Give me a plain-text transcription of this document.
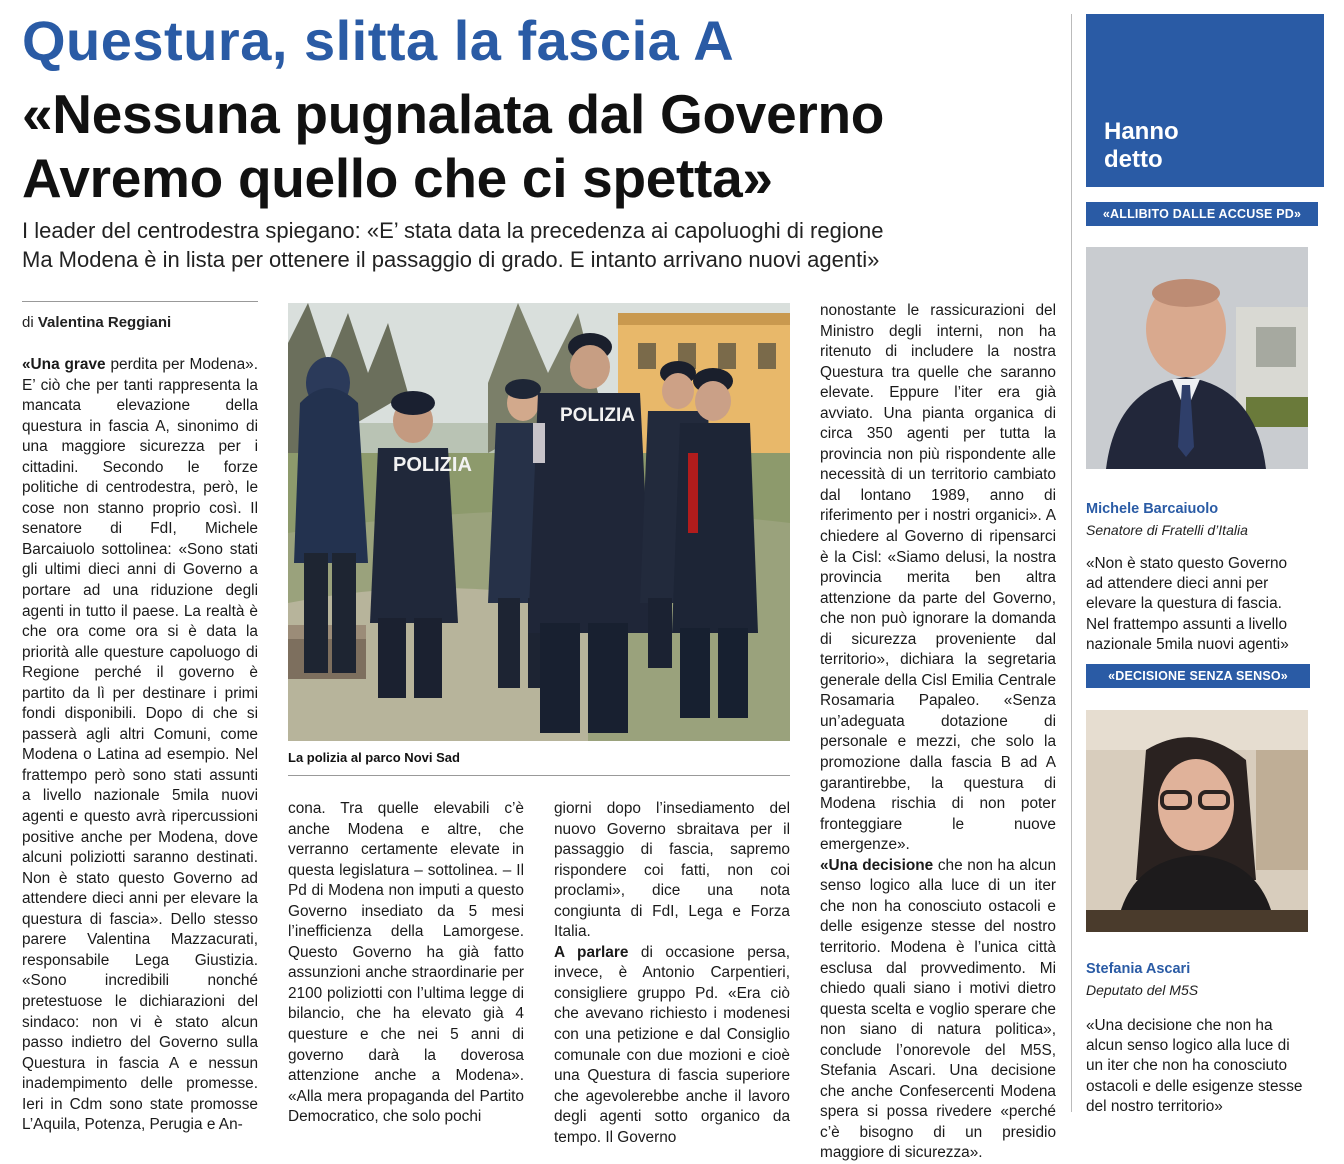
Questura, slitta la fascia A
«Nessuna pugnalata dal Governo
Avremo quello che ci spetta»
I leader del centrodestra spiegano: «E’ stata data la precedenza ai capoluoghi di regione
Ma Modena è in lista per ottenere il passaggio di grado. E intanto arrivano nuovi agenti»
di Valentina Reggiani

«Una grave perdita per Modena». E’ ciò che per tanti rappresenta la mancata elevazione della questura in fascia A, sinonimo di una maggiore sicurezza per i cittadini. Secondo le forze politiche di centrodestra, però, le cose non stanno proprio così. Il senatore di FdI, Michele Barcaiuolo sottolinea: «Sono stati gli ultimi dieci anni di Governo a portare ad una riduzione degli agenti in tutto il paese. La realtà è che ora come ora si è data la priorità alle questure capoluogo di Regione perché il governo è partito da lì per destinare i primi fondi disponibili. Dopo di che si passerà agli altri Comuni, come Modena o Latina ad esempio. Nel frattempo però sono stati assunti a livello nazionale 5mila nuovi agenti e questo avrà ripercussioni positive anche per Modena, dove alcuni poliziotti saranno destinati. Non è stato questo Governo ad attendere dieci anni per elevare la questura di fascia». Dello stesso parere Valentina Mazzacurati, responsabile Lega Giustizia. «Sono incredibili nonché pretestuose le dichiarazioni del sindaco: non vi è stato alcun passo indietro del Governo sulla Questura in fascia A e nessun inadempimento delle promesse. Ieri in Cdm sono state promosse L’Aquila, Potenza, Perugia e An-

POLIZIA
POLIZIA
La polizia al parco Novi Sad

cona. Tra quelle elevabili c’è anche Modena e altre, che verranno certamente elevate in questa legislatura – sottolinea. – Il Pd di Modena non imputi a questo Governo insediato da 5 mesi l’inefficienza della Lamorgese. Questo Governo ha già fatto assunzioni anche straordinarie per 2100 poliziotti con l’ultima legge di bilancio, che ha elevato già 4 questure e che nei 5 anni di governo darà la doverosa attenzione anche a Modena». «Alla mera propaganda del Partito Democratico, che solo pochi

giorni dopo l’insediamento del nuovo Governo sbraitava per il passaggio di fascia, sapremo rispondere coi fatti, non coi proclami», dice una nota congiunta di FdI, Lega e Forza Italia.

A parlare di occasione persa, invece, è Antonio Carpentieri, consigliere gruppo Pd. «Era ciò che avevano richiesto i modenesi con una petizione e dal Consiglio comunale con due mozioni e cioè una Questura di fascia superiore che agevolerebbe anche il lavoro degli agenti sotto organico da tempo. Il Governo

nonostante le rassicurazioni del Ministro degli interni, non ha ritenuto di includere la nostra Questura tra quelle che saranno elevate. Eppure l’iter era già avviato. Una pianta organica di circa 350 agenti per tutta la provincia non più rispondente alle necessità di un territorio cambiato dal lontano 1989, anno di riferimento per i nostri organici». A chiedere al Governo di ripensarci è la Cisl: «Siamo delusi, la nostra provincia merita ben altra attenzione da parte del Governo, che non può ignorare la domanda di sicurezza proveniente dal territorio», dichiara la segretaria generale della Cisl Emilia Centrale Rosamaria Papaleo. «Senza un’adeguata dotazione di personale e mezzi, che solo la promozione dalla fascia B ad A garantirebbe, la questura di Modena rischia di non poter fronteggiare le nuove emergenze».

«Una decisione che non ha alcun senso logico alla luce di un iter che non ha conosciuto ostacoli e delle esigenze stesse del nostro territorio. Modena è l’unica città esclusa dal provvedimento. Mi chiedo quali siano i motivi dietro questa scelta e voglio sperare che non siano di natura politica», conclude l’onorevole del M5S, Stefania Ascari. Una decisione che anche Confesercenti Modena spera si possa rivedere «perché c’è bisogno di un presidio maggiore di sicurezza».

Hanno
detto
«ALLIBITO DALLE ACCUSE PD»
Michele Barcaiuolo
Senatore di Fratelli d’Italia
«Non è stato questo Governo
ad attendere dieci anni per
elevare la questura di fascia.
Nel frattempo assunti a livello
nazionale 5mila nuovi agenti»
«DECISIONE SENZA SENSO»
Stefania Ascari
Deputato del M5S
«Una decisione che non ha
alcun senso logico alla luce di
un iter che non ha conosciuto
ostacoli e delle esigenze stesse
del nostro territorio»
